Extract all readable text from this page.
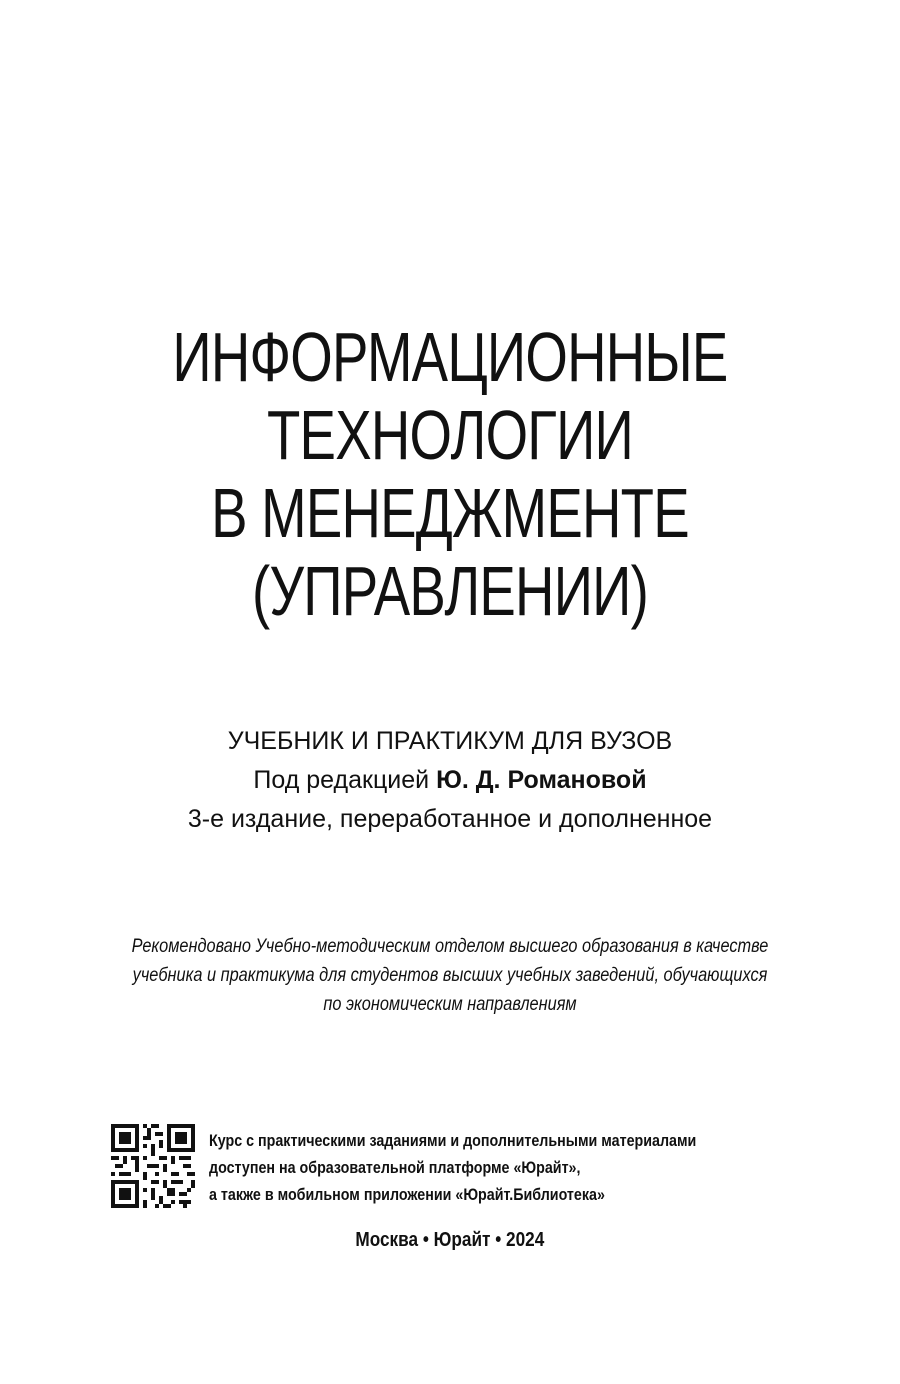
ИНФОРМАЦИОННЫЕ
ТЕХНОЛОГИИ
В МЕНЕДЖМЕНТЕ
(УПРАВЛЕНИИ)
УЧЕБНИК И ПРАКТИКУМ ДЛЯ ВУЗОВ
Под редакцией Ю. Д. Романовой
3-е издание, переработанное и дополненное
Рекомендовано Учебно-методическим отделом высшего образования в качестве
учебника и практикума для студентов высших учебных заведений, обучающихся
по экономическим направлениям
Курс с практическими заданиями и дополнительными материалами
доступен на образовательной платформе «Юрайт»,
а также в мобильном приложении «Юрайт.Библиотека»
Москва • Юрайт • 2024
